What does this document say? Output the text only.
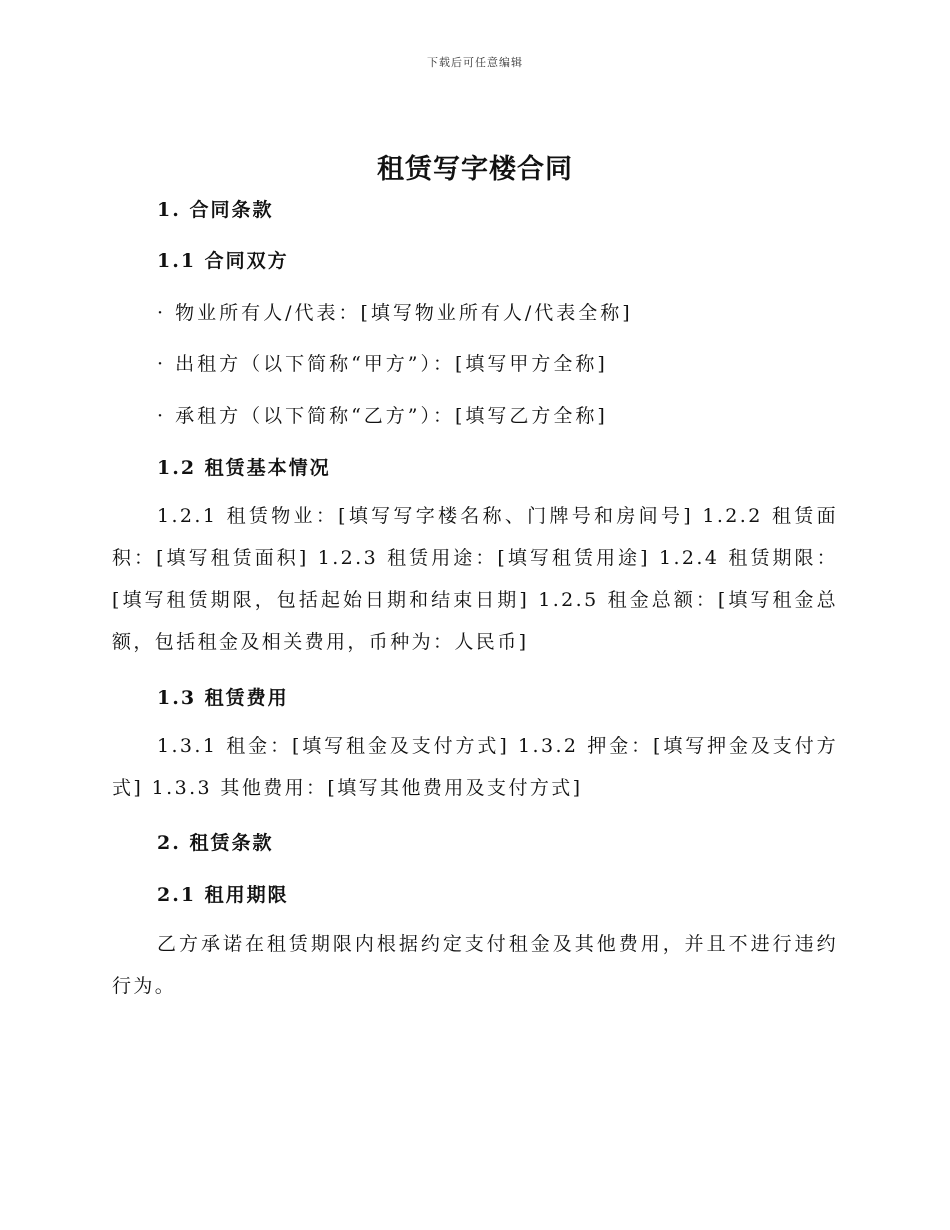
下载后可任意编辑
租赁写字楼合同
1. 合同条款
1.1 合同双方
· 物业所有人/代表：[填写物业所有人/代表全称]
· 出租方（以下简称“甲方”）：[填写甲方全称]
· 承租方（以下简称“乙方”）：[填写乙方全称]
1.2 租赁基本情况
1.2.1 租赁物业：[填写写字楼名称、门牌号和房间号] 1.2.2 租赁面积：[填写租赁面积] 1.2.3 租赁用途：[填写租赁用途] 1.2.4 租赁期限：[填写租赁期限，包括起始日期和结束日期] 1.2.5 租金总额：[填写租金总额，包括租金及相关费用，币种为：人民币]
1.3 租赁费用
1.3.1 租金：[填写租金及支付方式] 1.3.2 押金：[填写押金及支付方式] 1.3.3 其他费用：[填写其他费用及支付方式]
2. 租赁条款
2.1 租用期限
乙方承诺在租赁期限内根据约定支付租金及其他费用，并且不进行违约行为。
